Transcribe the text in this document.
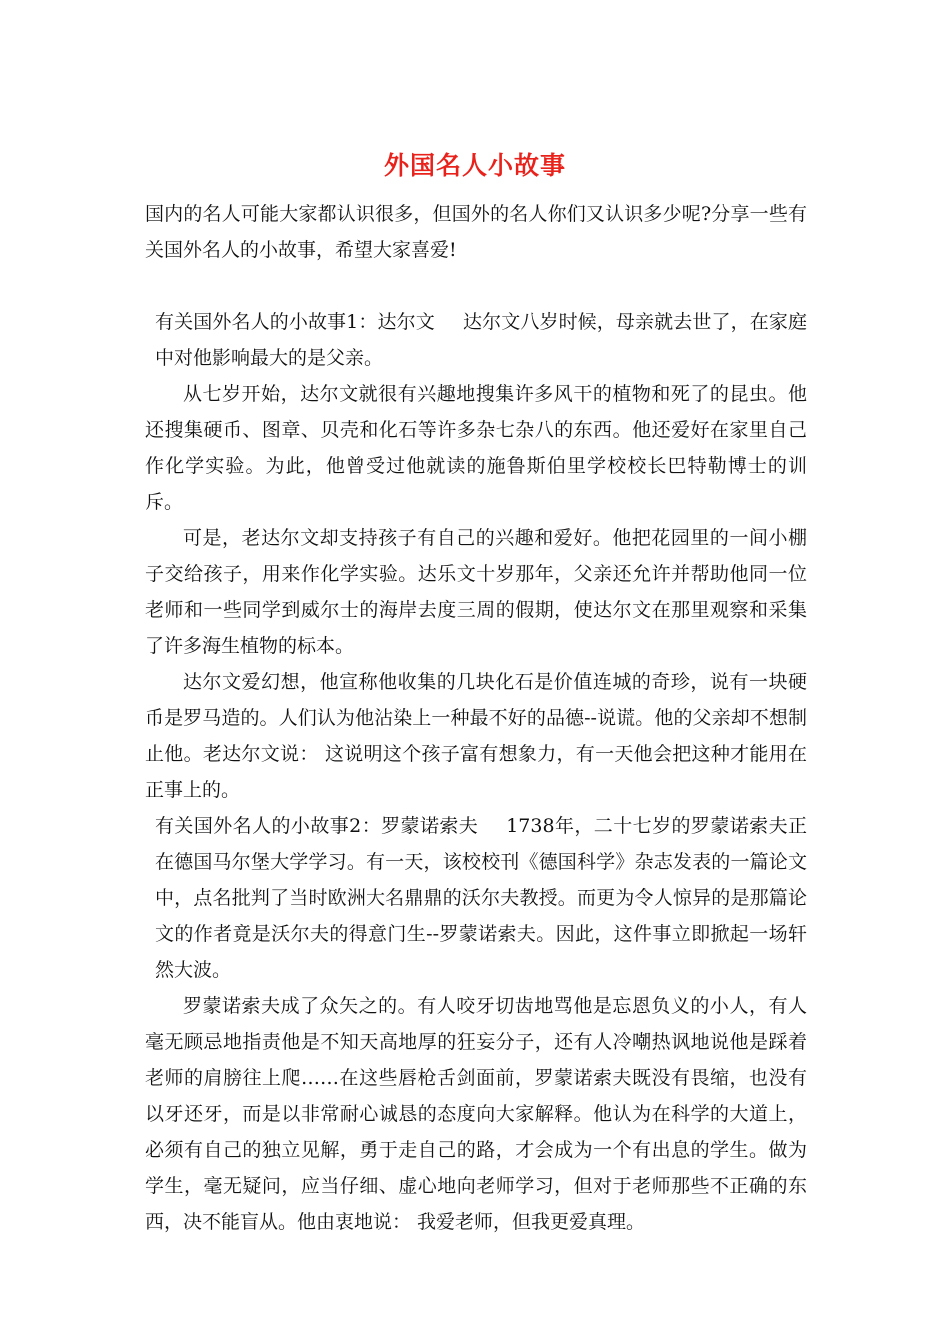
外国名人小故事

国内的名人可能大家都认识很多，但国外的名人你们又认识多少呢?分享一些有关国外名人的小故事，希望大家喜爱!

有关国外名人的小故事1：达尔文 达尔文八岁时候，母亲就去世了，在家庭中对他影响最大的是父亲。

从七岁开始，达尔文就很有兴趣地搜集许多风干的植物和死了的昆虫。他还搜集硬币、图章、贝壳和化石等许多杂七杂八的东西。他还爱好在家里自己作化学实验。为此，他曾受过他就读的施鲁斯伯里学校校长巴特勒博士的训斥。

可是，老达尔文却支持孩子有自己的兴趣和爱好。他把花园里的一间小棚子交给孩子，用来作化学实验。达乐文十岁那年，父亲还允许并帮助他同一位老师和一些同学到威尔士的海岸去度三周的假期，使达尔文在那里观察和采集了许多海生植物的标本。

达尔文爱幻想，他宣称他收集的几块化石是价值连城的奇珍，说有一块硬币是罗马造的。人们认为他沾染上一种最不好的品德--说谎。他的父亲却不想制止他。老达尔文说： 这说明这个孩子富有想象力，有一天他会把这种才能用在正事上的。

有关国外名人的小故事2：罗蒙诺索夫 1738年，二十七岁的罗蒙诺索夫正在德国马尔堡大学学习。有一天，该校校刊《德国科学》杂志发表的一篇论文中，点名批判了当时欧洲大名鼎鼎的沃尔夫教授。而更为令人惊异的是那篇论文的作者竟是沃尔夫的得意门生--罗蒙诺索夫。因此，这件事立即掀起一场轩然大波。

罗蒙诺索夫成了众矢之的。有人咬牙切齿地骂他是忘恩负义的小人，有人毫无顾忌地指责他是不知天高地厚的狂妄分子，还有人冷嘲热讽地说他是踩着老师的肩膀往上爬……在这些唇枪舌剑面前，罗蒙诺索夫既没有畏缩，也没有以牙还牙，而是以非常耐心诚恳的态度向大家解释。他认为在科学的大道上，必须有自己的独立见解，勇于走自己的路，才会成为一个有出息的学生。做为学生，毫无疑问，应当仔细、虚心地向老师学习，但对于老师那些不正确的东西，决不能盲从。他由衷地说： 我爱老师，但我更爱真理。
